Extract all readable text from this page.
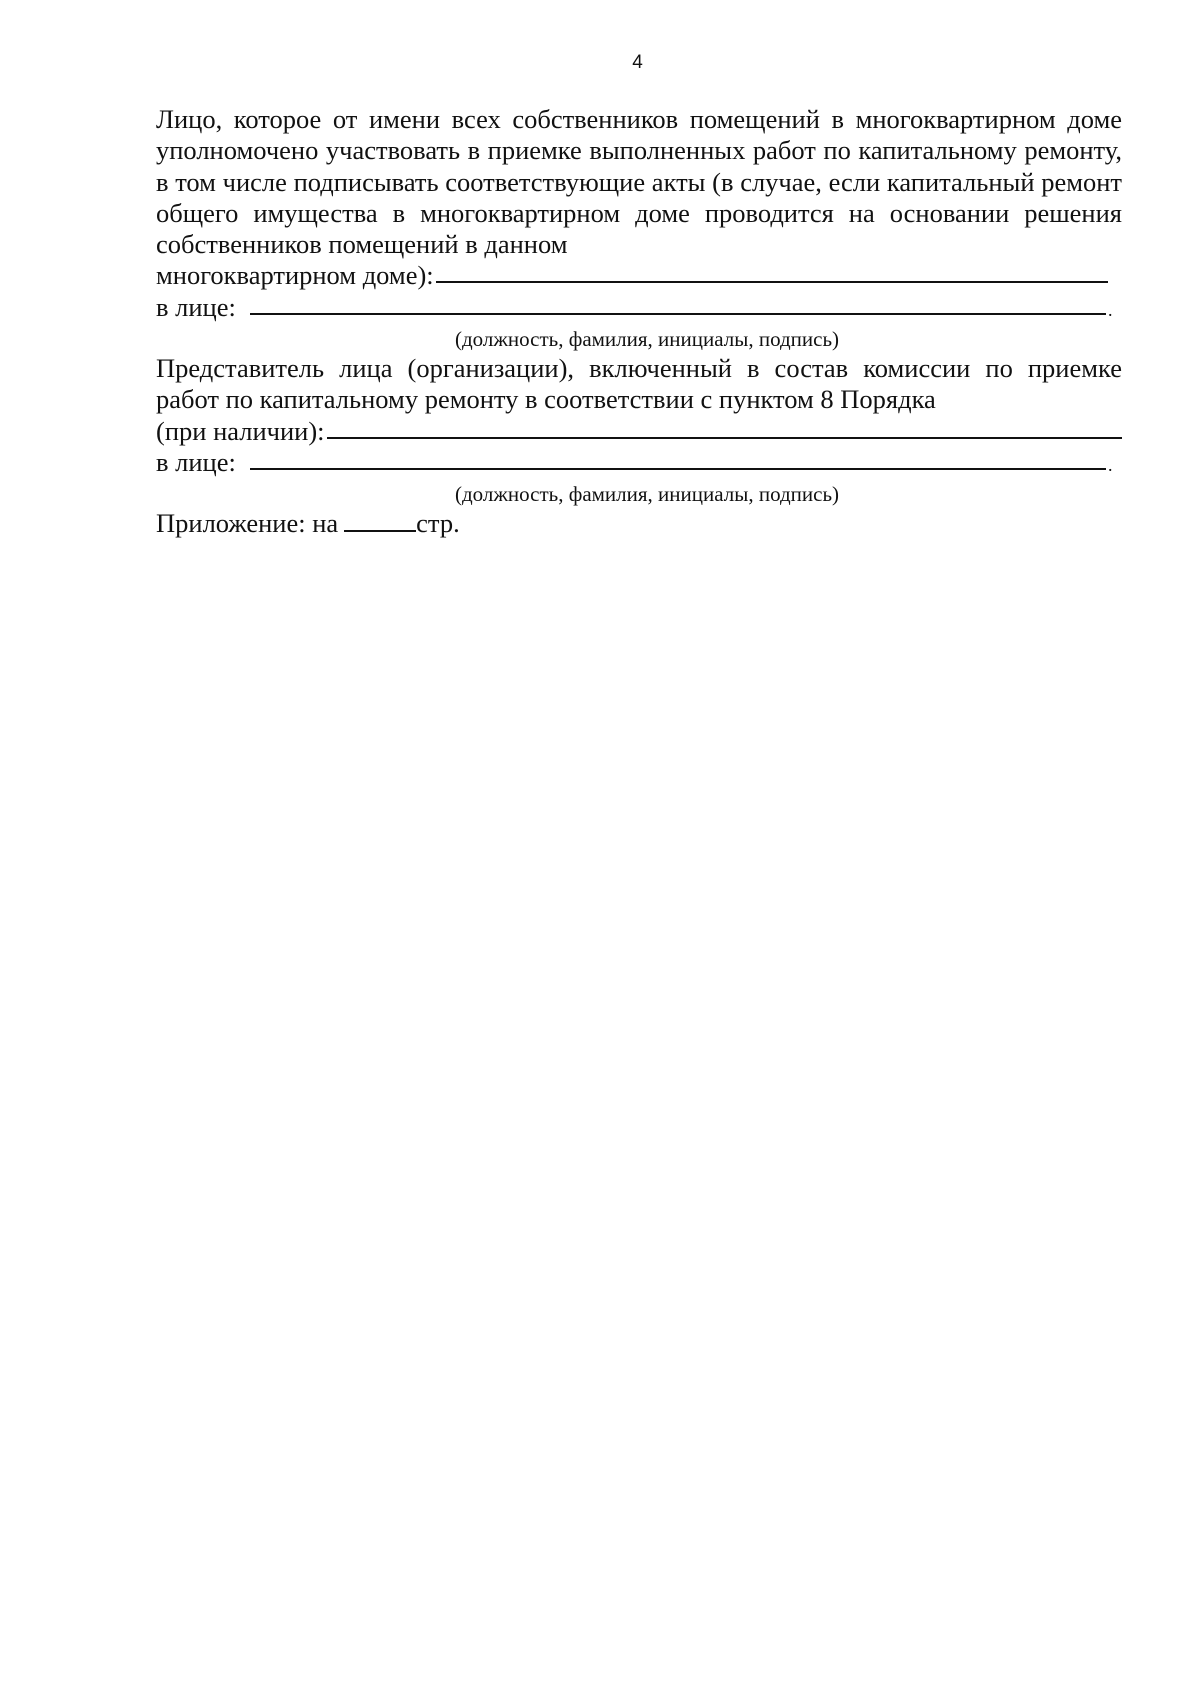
4

Лицо, которое от имени всех собственников помещений в многоквартирном доме уполномочено участвовать в приемке выполненных работ по капитальному ремонту, в том числе подписывать соответствующие акты (в случае, если капитальный ремонт общего имущества в многоквартирном доме проводится на основании решения собственников помещений в данном

многоквартирном доме):
в лице:	.
(должность, фамилия, инициалы, подпись)

Представитель лица (организации), включенный в состав комиссии по приемке работ по капитальному ремонту в соответствии с пунктом 8 Порядка

(при наличии):
в лице:	.
(должность, фамилия, инициалы, подпись)
Приложение: на	стр.
